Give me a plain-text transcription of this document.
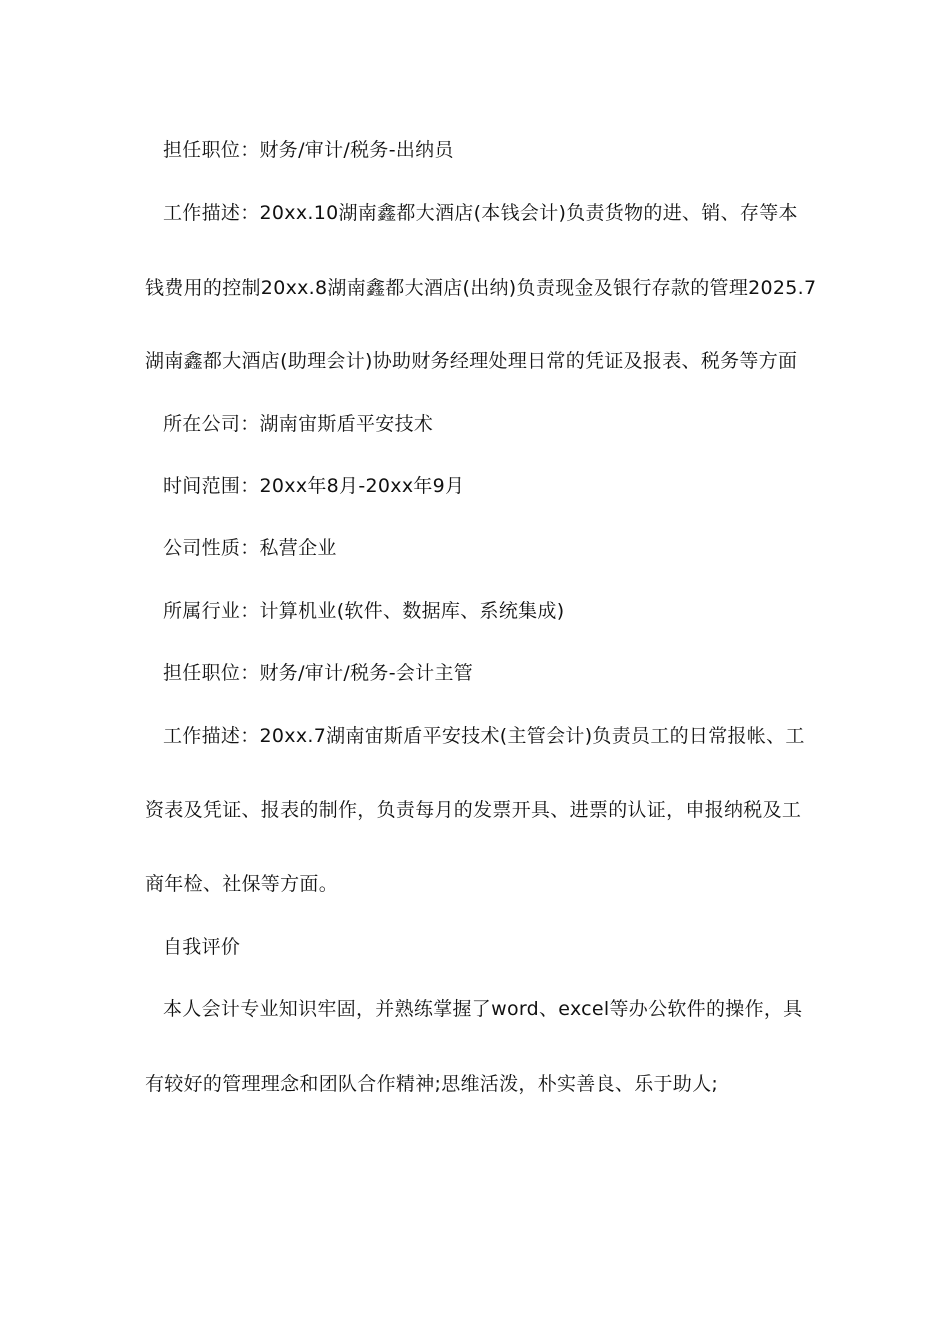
担任职位：财务/审计/税务-出纳员
工作描述：20xx.10湖南鑫都大酒店(本钱会计)负责货物的进、销、存等本
钱费用的控制20xx.8湖南鑫都大酒店(出纳)负责现金及银行存款的管理2025.7
湖南鑫都大酒店(助理会计)协助财务经理处理日常的凭证及报表、税务等方面
所在公司：湖南宙斯盾平安技术
时间范围：20xx年8月-20xx年9月
公司性质：私营企业
所属行业：计算机业(软件、数据库、系统集成)
担任职位：财务/审计/税务-会计主管
工作描述：20xx.7湖南宙斯盾平安技术(主管会计)负责员工的日常报帐、工
资表及凭证、报表的制作，负责每月的发票开具、进票的认证，申报纳税及工
商年检、社保等方面。
自我评价
本人会计专业知识牢固，并熟练掌握了word、excel等办公软件的操作，具
有较好的管理理念和团队合作精神;思维活泼，朴实善良、乐于助人;
